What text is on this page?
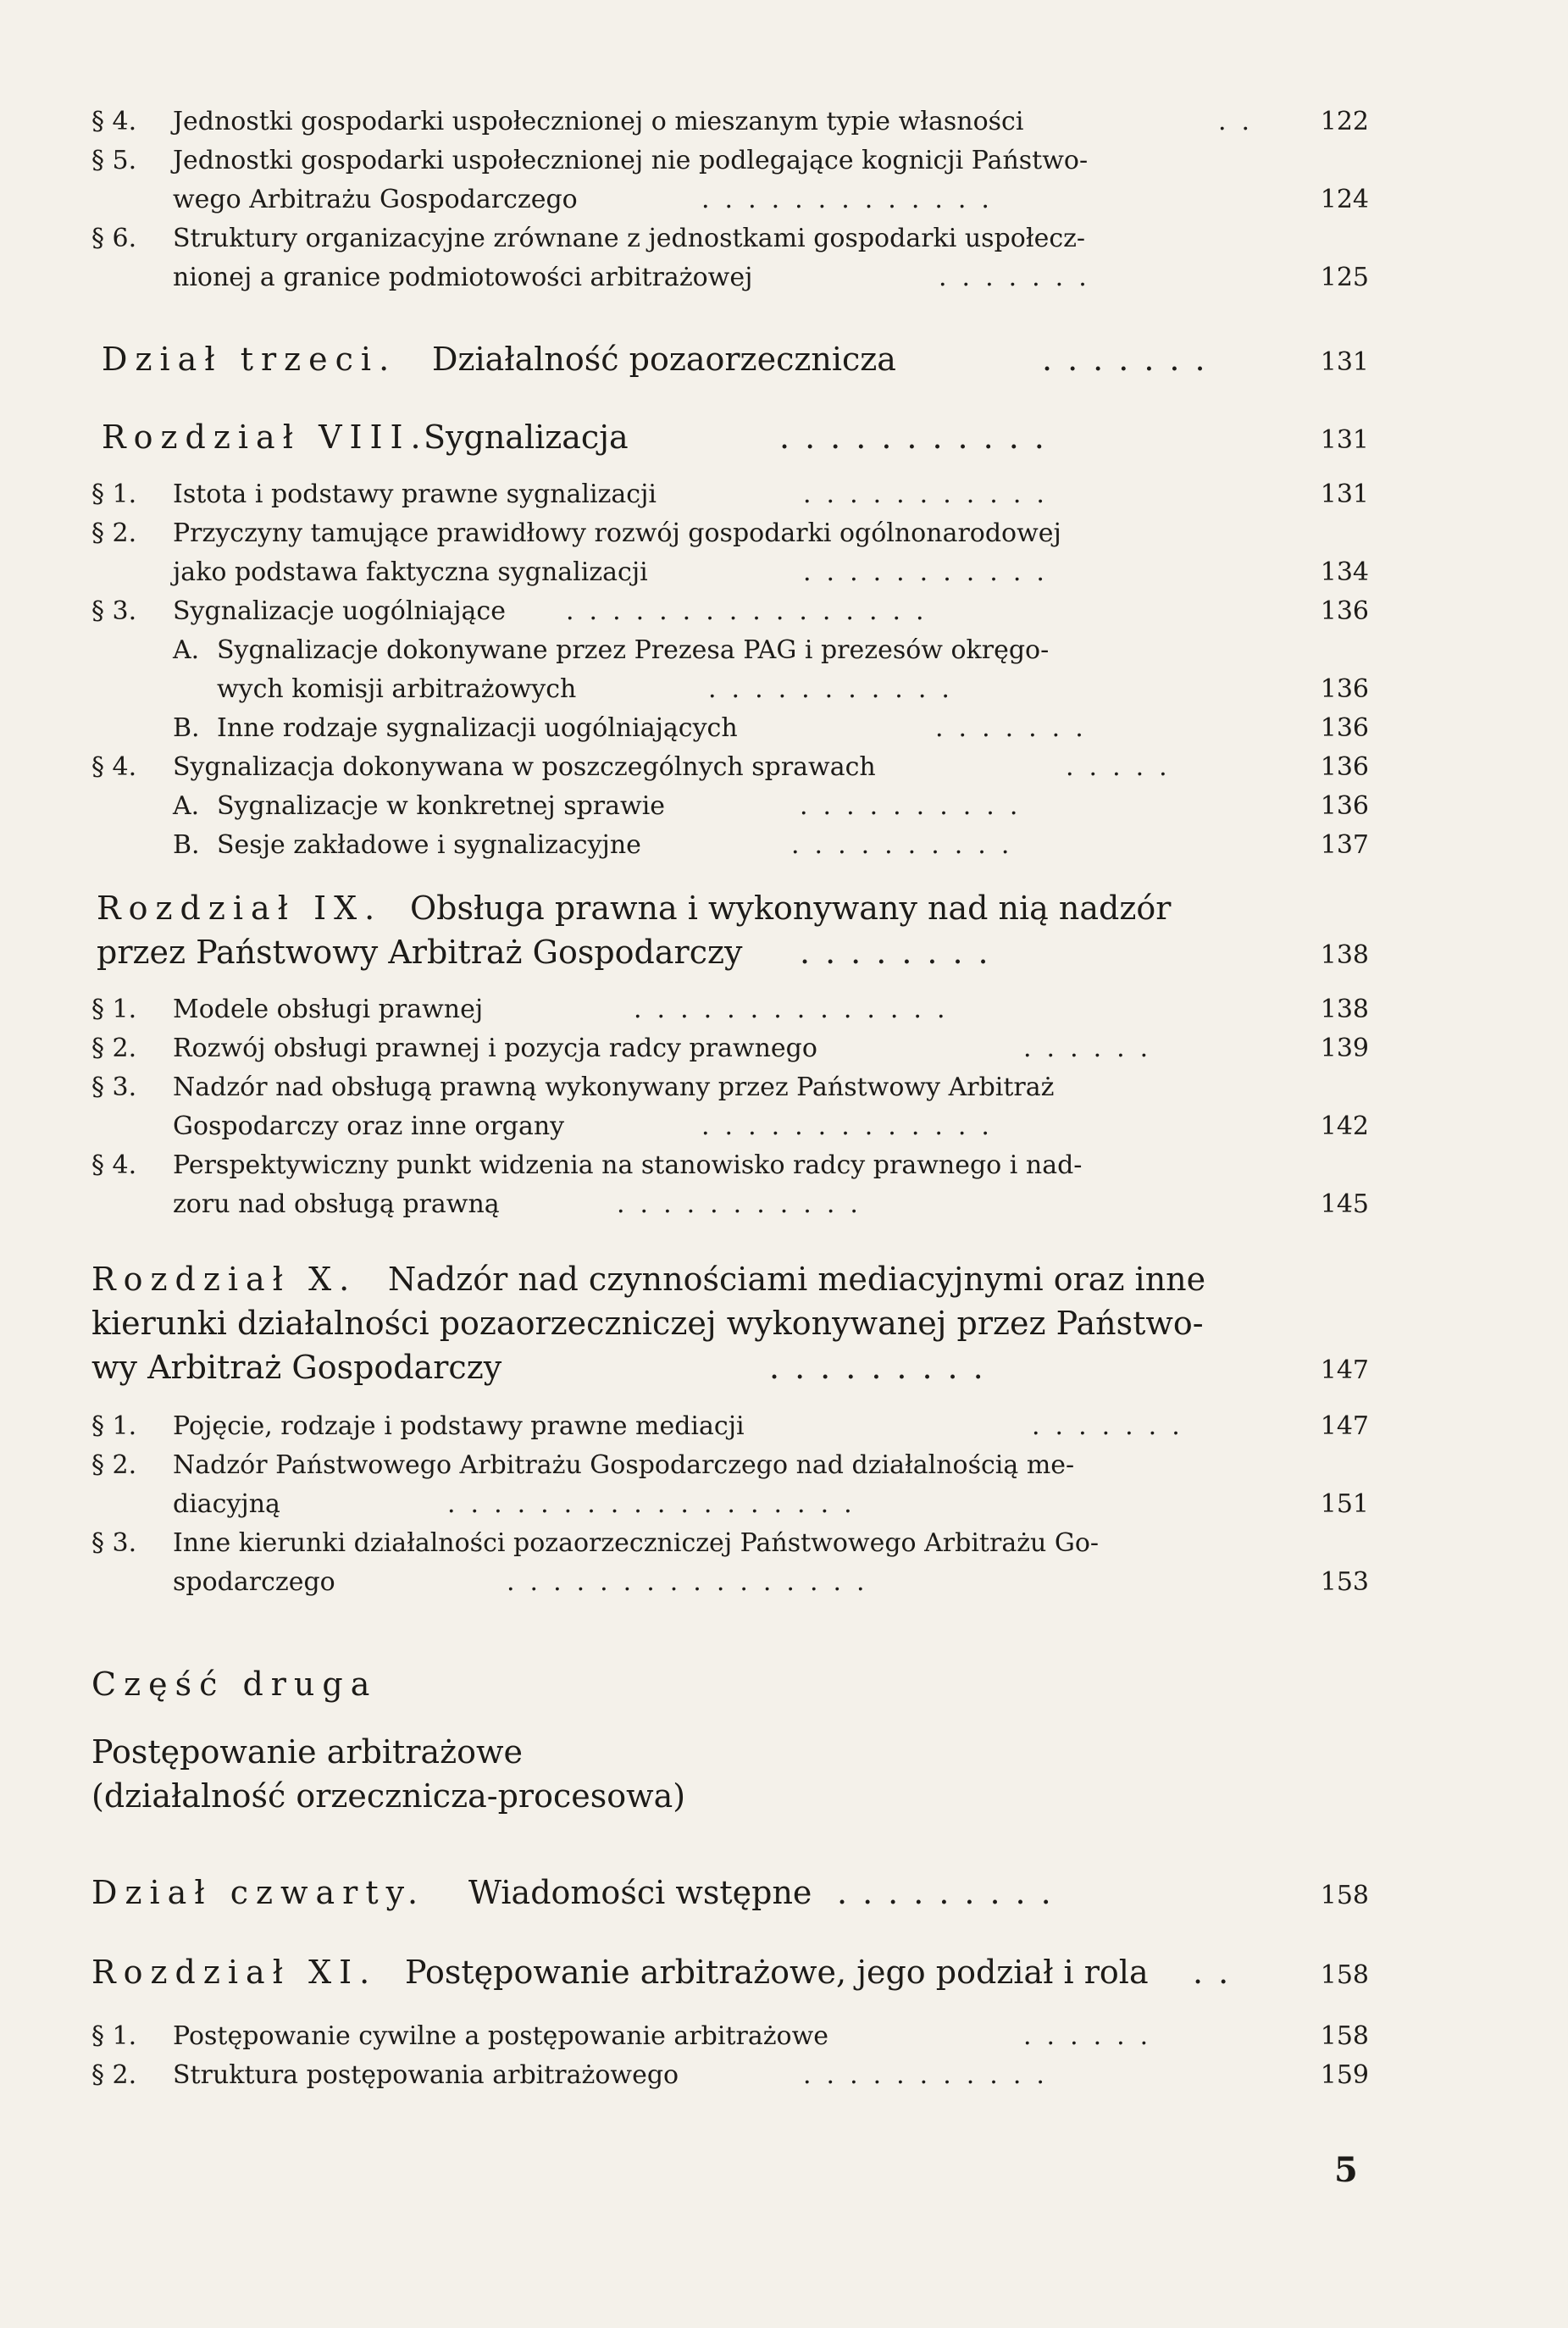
§ 4. Jednostki gospodarki uspołecznionej o mieszanym typie własności	.. 122
§ 5. Jednostki gospodarki uspołecznionej nie podlegające kognicji Państwo-
wego Arbitrażu Gospodarczego	.............	124
§ 6. Struktury organizacyjne zrównane z jednostkami gospodarki uspołecz-
nionej a granice podmiotowości arbitrażowej	.......	125
Dział trzeci. Działalność pozaorzecznicza	.......	131
Rozdział VIII.
Sygnalizacja	...........	131
§ 1. Istota i podstawy prawne sygnalizacji	...........	131
§ 2. Przyczyny tamujące prawidłowy rozwój gospodarki ogólnonarodowej
jako podstawa faktyczna sygnalizacji	...........	134
§ 3. Sygnalizacje uogólniające ................	136
A. Sygnalizacje dokonywane przez Prezesa PAG i prezesów okręgo-
wych komisji arbitrażowych	...........	136
B. Inne rodzaje sygnalizacji uogólniających	.......	136
§ 4. Sygnalizacja dokonywana w poszczególnych sprawach	.....	136
A. Sygnalizacje w konkretnej sprawie	..........	136
B. Sesje zakładowe i sygnalizacyjne	..........	137
Rozdział IX. Obsługa prawna i wykonywany nad nią nadzór
przez Państwowy Arbitraż Gospodarczy ........	138
§ 1. Modele obsługi prawnej	..............	138
§ 2. Rozwój obsługi prawnej i pozycja radcy prawnego	......	139
§ 3. Nadzór nad obsługą prawną wykonywany przez Państwowy Arbitraż
Gospodarczy oraz inne organy	.............	142
§ 4. Perspektywiczny punkt widzenia na stanowisko radcy prawnego i nad-
zoru nad obsługą prawną	...........	145
Rozdział X. Nadzór nad czynnościami mediacyjnymi oraz inne
kierunki działalności pozaorzeczniczej wykonywanej przez Państwo-
wy Arbitraż Gospodarczy	.........	147
§ 1. Pojęcie, rodzaje i podstawy prawne mediacji	.......	147
§ 2. Nadzór Państwowego Arbitrażu Gospodarczego nad działalnością me-
diacyjną	..................	151
§ 3. Inne kierunki działalności pozaorzeczniczej Państwowego Arbitrażu Go-
spodarczego	................	153
Część druga
Postępowanie arbitrażowe
(działalność orzecznicza-procesowa)
Dział czwarty. Wiadomości wstępne .........	158
Rozdział XI. Postępowanie arbitrażowe, jego podział i rola ..	158
§ 1. Postępowanie cywilne a postępowanie arbitrażowe	......	158
§ 2. Struktura postępowania arbitrażowego	...........	159
5
